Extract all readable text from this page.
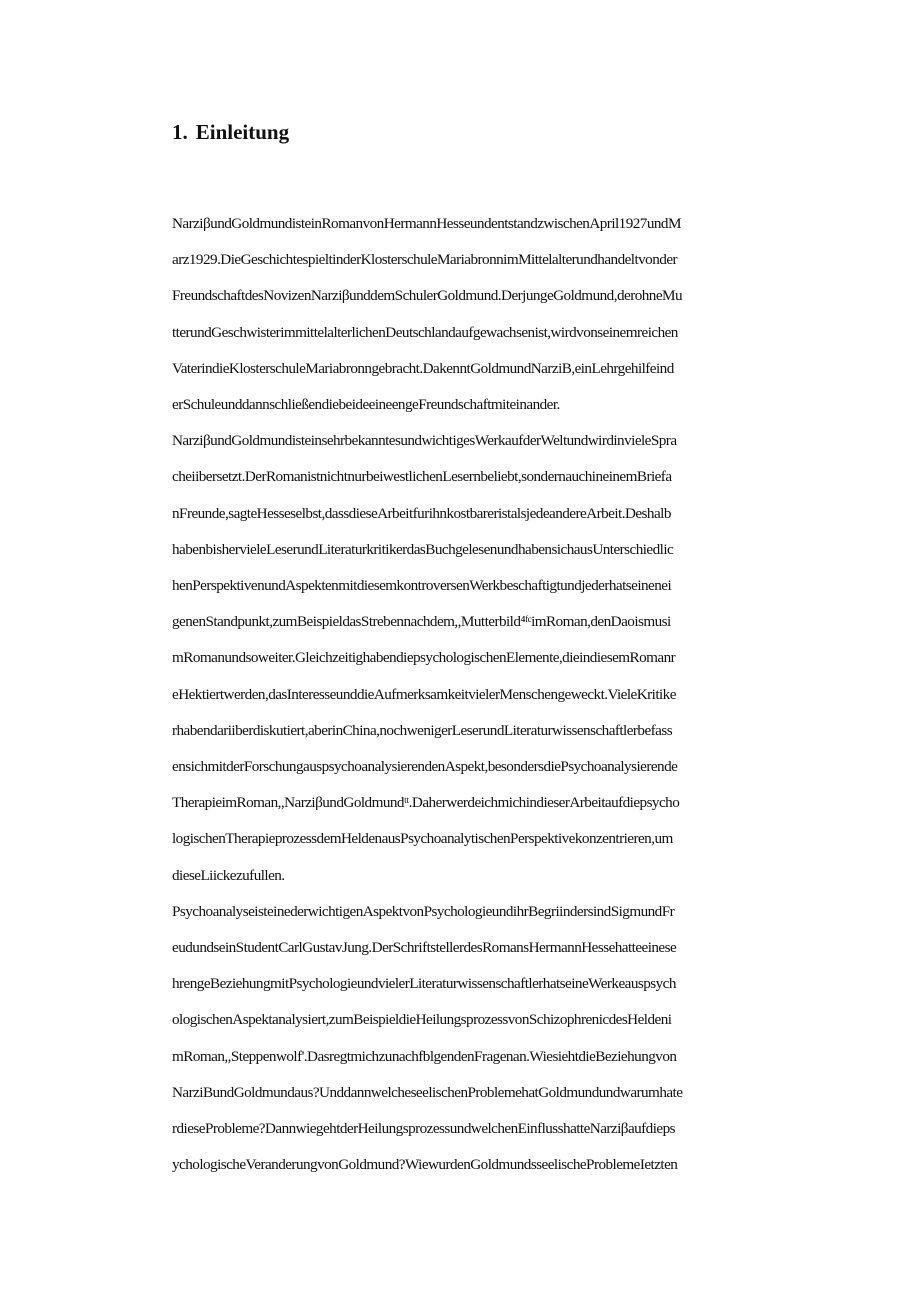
1. Einleitung
NarziβundGoldmundisteinRomanvonHermannHesseundentstandzwischenApril1927undM
arz1929.DieGeschichtespieltinderKlosterschuleMariabronnimMittelalterundhandeltvonder
FreundschaftdesNovizenNarziβunddemSchulerGoldmund.DerjungeGoldmund,derohneMu
tterundGeschwisterimmittelalterlichenDeutschlandaufgewachsenist,wirdvonseinemreichen
VaterindieKlosterschuleMariabronngebracht.DakenntGoldmundNarziB,einLehrgehilfeind
erSchuleunddannschließendiebeideeineengeFreundschaftmiteinander.
NarziβundGoldmundisteinsehrbekanntesundwichtigesWerkaufderWeltundwirdinvieleSpra
cheiibersetzt.DerRomanistnichtnurbeiwestlichenLesernbeliebt,sondernauchineinemBriefa
nFreunde,sagteHesseselbst,dassdieseArbeitfurihnkostbareristalsjedeandereArbeit.Deshalb
habenbishervieleLeserundLiteraturkritikerdasBuchgelesenundhabensichausUnterschiedlic
henPerspektivenundAspektenmitdiesemkontroversenWerkbeschaftigtundjederhatseinenei
genenStandpunkt,zumBeispieldasStrebennachdem,,Mutterbild⁴ᶠᶜimRoman,denDaoismusi
mRomanundsoweiter.GleichzeitighabendiepsychologischenElemente,dieindiesemRomanr
eHektiertwerden,dasInteresseunddieAufmerksamkeitvielerMenschengeweckt.VieleKritike
rhabendariiberdiskutiert,aberinChina,nochwenigerLeserundLiteraturwissenschaftlerbefass
ensichmitderForschungauspsychoanalysierendenAspekt,besondersdiePsychoanalysierende
TherapieimRoman,,NarziβundGoldmundᵗᵗ.DaherwerdeichmichindieserArbeitaufdiepsycho
logischenTherapieprozessdemHeldenausPsychoanalytischenPerspektivekonzentrieren,um
dieseLiickezufullen.
PsychoanalyseisteinederwichtigenAspektvonPsychologieundihrBegriindersindSigmundFr
eudundseinStudentCarlGustavJung.DerSchriftstellerdesRomansHermannHessehatteeinese
hrengeBeziehungmitPsychologieundvielerLiteraturwissenschaftlerhatseineWerkeauspsych
ologischenAspektanalysiert,zumBeispieldieHeilungsprozessvonSchizophrenicdesHeldeni
mRoman,,Steppenwolf'.DasregtmichzunachfblgendenFragenan.WiesiehtdieBeziehungvon
NarziBundGoldmundaus?UnddannwelcheseelischenProblemehatGoldmundundwarumhate
rdieseProbleme?DannwiegehtderHeilungsprozessundwelchenEinflusshatteNarziβaufdieps
ychologischeVeranderungvonGoldmund?WiewurdenGoldmundsseelischeProblemeIetzten
